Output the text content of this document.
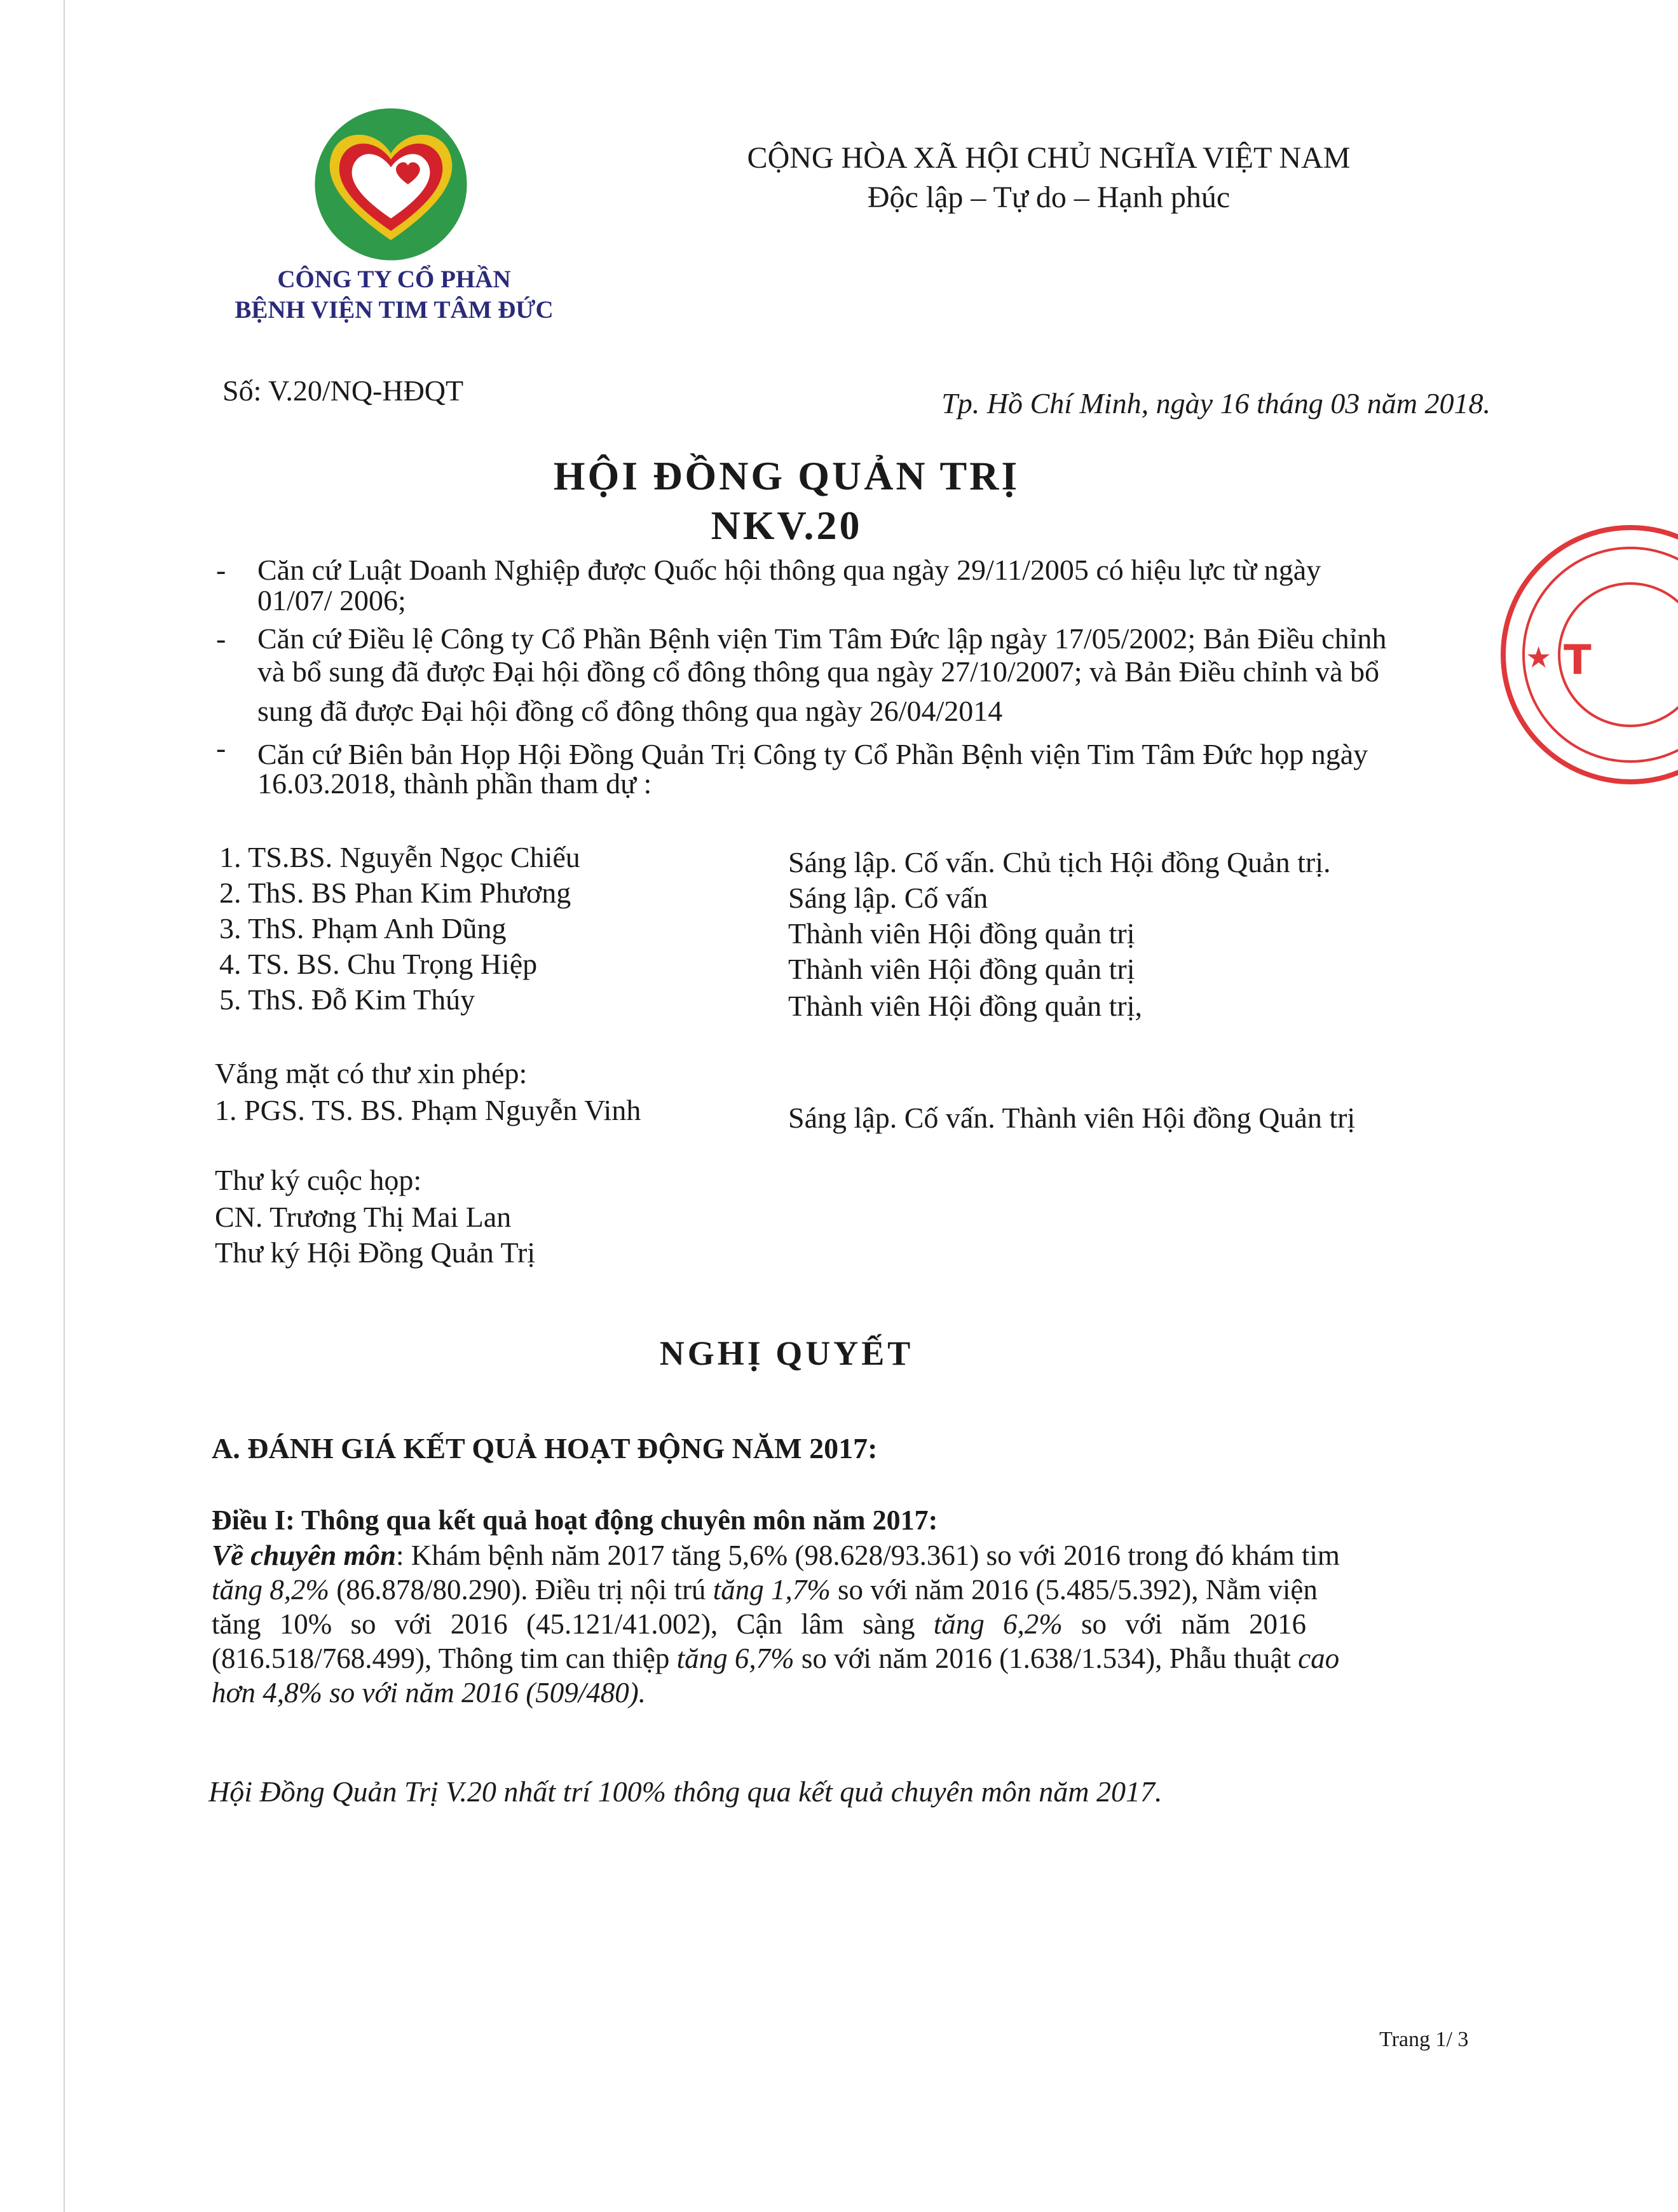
CÔNG TY CỔ PHẦN
BỆNH VIỆN TIM TÂM ĐỨC
CỘNG HÒA XÃ HỘI CHỦ NGHĨA VIỆT NAM
Độc lập – Tự do – Hạnh phúc
Số: V.20/NQ-HĐQT	Tp. Hồ Chí Minh, ngày 16 tháng 03 năm 2018.
HỘI ĐỒNG QUẢN TRỊ
NKV.20
- Căn cứ Luật Doanh Nghiệp được Quốc hội thông qua ngày 29/11/2005 có hiệu lực từ ngày
01/07/ 2006;
- Căn cứ Điều lệ Công ty Cổ Phần Bệnh viện Tim Tâm Đức lập ngày 17/05/2002; Bản Điều chỉnh
và bổ sung đã được Đại hội đồng cổ đông thông qua ngày 27/10/2007; và Bản Điều chỉnh và bổ
sung đã được Đại hội đồng cổ đông thông qua ngày 26/04/2014
- Căn cứ Biên bản Họp Hội Đồng Quản Trị Công ty Cổ Phần Bệnh viện Tim Tâm Đức họp ngày
16.03.2018, thành phần tham dự :
1. TS.BS. Nguyễn Ngọc Chiếu	Sáng lập. Cố vấn. Chủ tịch Hội đồng Quản trị.
2. ThS. BS Phan Kim Phương	Sáng lập. Cố vấn
3. ThS. Phạm Anh Dũng	Thành viên Hội đồng quản trị
4. TS. BS. Chu Trọng Hiệp	Thành viên Hội đồng quản trị
5. ThS. Đỗ Kim Thúy	Thành viên Hội đồng quản trị,
Vắng mặt có thư xin phép:
1. PGS. TS. BS. Phạm Nguyễn Vinh	Sáng lập. Cố vấn. Thành viên Hội đồng Quản trị
Thư ký cuộc họp:
CN. Trương Thị Mai Lan
Thư ký Hội Đồng Quản Trị
NGHỊ QUYẾT
A. ĐÁNH GIÁ KẾT QUẢ HOẠT ĐỘNG NĂM 2017:
Điều I: Thông qua kết quả hoạt động chuyên môn năm 2017:
Về chuyên môn: Khám bệnh năm 2017 tăng 5,6% (98.628/93.361) so với 2016 trong đó khám tim
tăng 8,2% (86.878/80.290). Điều trị nội trú tăng 1,7% so với năm 2016 (5.485/5.392), Nằm viện
tăng 10% so với 2016 (45.121/41.002), Cận lâm sàng tăng 6,2% so với năm 2016
(816.518/768.499), Thông tim can thiệp tăng 6,7% so với năm 2016 (1.638/1.534), Phẫu thuật cao
hơn 4,8% so với năm 2016 (509/480).
Hội Đồng Quản Trị V.20 nhất trí 100% thông qua kết quả chuyên môn năm 2017.
Trang 1/ 3
★ T
